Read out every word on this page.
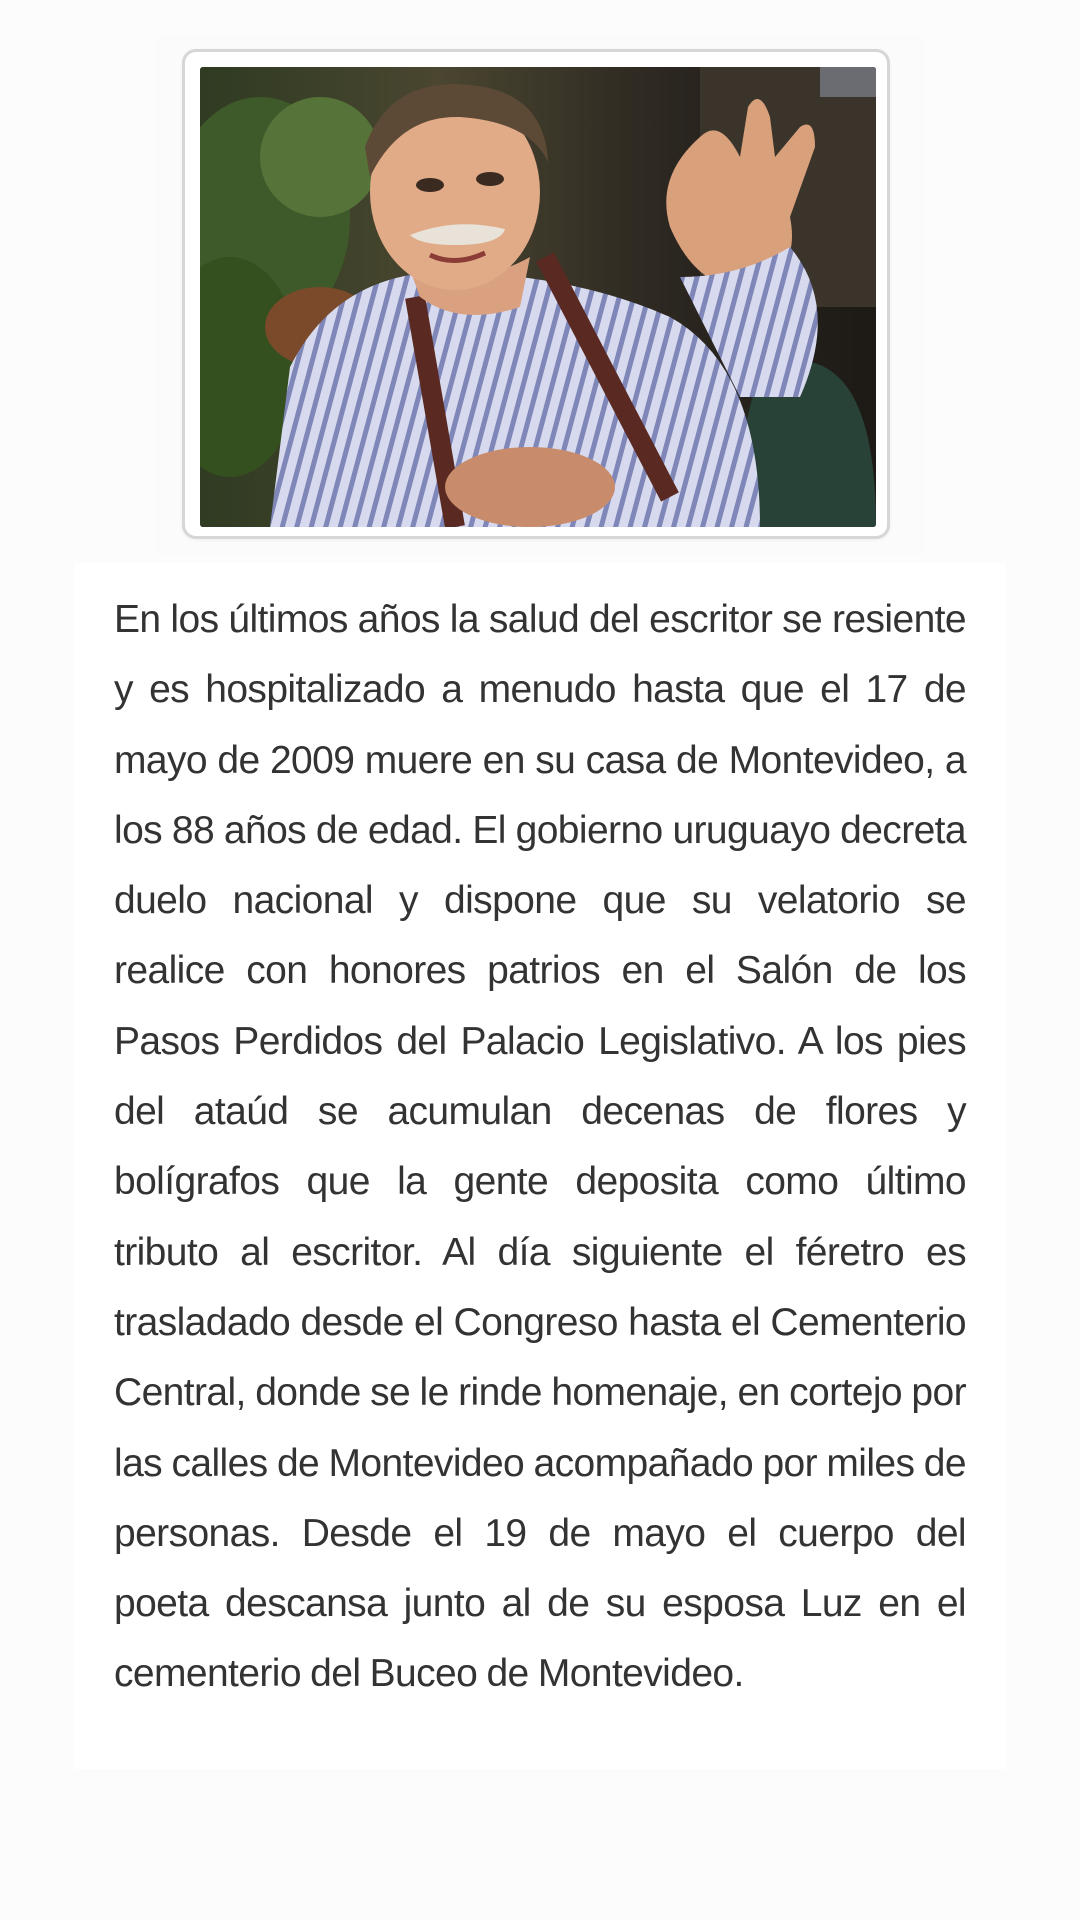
En los últimos años la salud del escritor se resiente y es hospitalizado a menudo hasta que el 17 de mayo de 2009 muere en su casa de Montevideo, a los 88 años de edad. El gobierno uruguayo decreta duelo nacional y dispone que su velatorio se realice con honores patrios en el Salón de los Pasos Perdidos del Palacio Legislativo. A los pies del ataúd se acumulan decenas de flores y bolígrafos que la gente deposita como último tributo al escritor. Al día siguiente el féretro es trasladado desde el Congreso hasta el Cementerio Central, donde se le rinde homenaje, en cortejo por las calles de Montevideo acompañado por miles de personas. Desde el 19 de mayo el cuerpo del poeta descansa junto al de su esposa Luz en el cementerio del Buceo de Montevideo.
